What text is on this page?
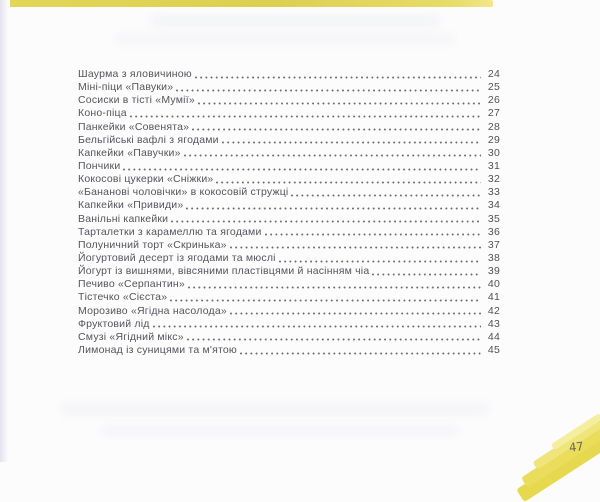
Шаурма з яловичиною	24
Міні-піци «Павуки»	25
Сосиски в тісті «Мумії»	26
Коно-піца	27
Панкейки «Совенята»	28
Бельгійські вафлі з ягодами	29
Капкейки «Павучки»	30
Пончики	31
Кокосові цукерки «Сніжки»	32
«Бананові чоловічки» в кокосовій стружці	33
Капкейки «Привиди»	34
Ванільні капкейки	35
Тарталетки з карамеллю та ягодами	36
Полуничний торт «Скринька»	37
Йогуртовий десерт із ягодами та мюслі	38
Йогурт із вишнями, вівсяними пластівцями й насінням чіа	39
Печиво «Серпантин»	40
Тістечко «Сієста»	41
Морозиво «Ягідна насолода»	42
Фруктовий лід	43
Смузі «Ягідний мікс»	44
Лимонад із суницями та м'ятою	45
47
